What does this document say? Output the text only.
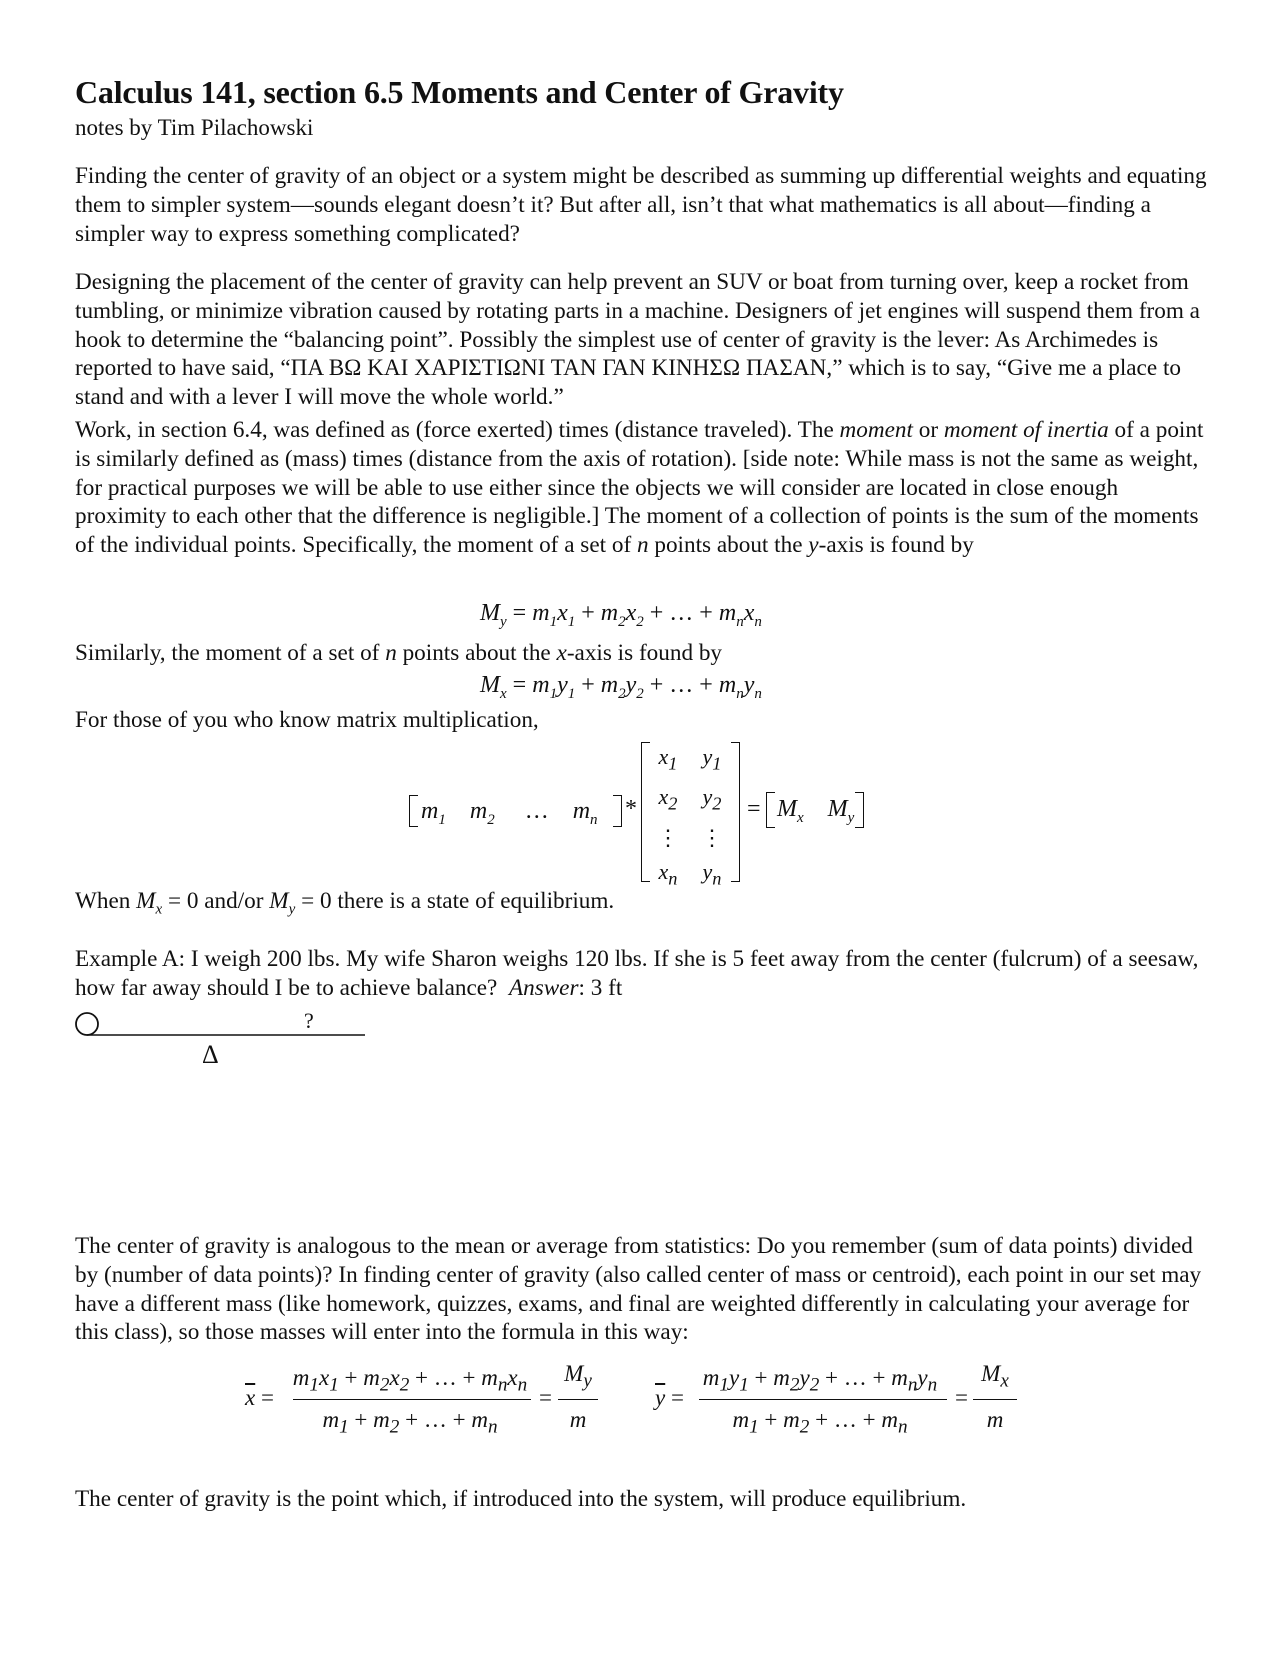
Calculus 141, section 6.5 Moments and Center of Gravity
notes by Tim Pilachowski

Finding the center of gravity of an object or a system might be described as summing up differential weights and equating them to simpler system—sounds elegant doesn’t it? But after all, isn’t that what mathematics is all about—finding a simpler way to express something complicated?

Designing the placement of the center of gravity can help prevent an SUV or boat from turning over, keep a rocket from tumbling, or minimize vibration caused by rotating parts in a machine. Designers of jet engines will suspend them from a hook to determine the “balancing point”. Possibly the simplest use of center of gravity is the lever: As Archimedes is reported to have said, “ΠΑ ΒΩ ΚΑΙ ΧΑΡΙΣΤΙΩΝΙ ΤΑΝ ΓΑΝ ΚΙΝΗΣΩ ΠΑΣΑΝ,” which is to say, “Give me a place to stand and with a lever I will move the whole world.”

Work, in section 6.4, was defined as (force exerted) times (distance traveled). The moment or moment of inertia of a point is similarly defined as (mass) times (distance from the axis of rotation). [side note: While mass is not the same as weight, for practical purposes we will be able to use either since the objects we will consider are located in close enough proximity to each other that the difference is negligible.] The moment of a collection of points is the sum of the moments of the individual points. Specifically, the moment of a set of n points about the y-axis is found by

$M_y = m_1x_1 + m_2x_2$ + … + $m_nx_n$
Similarly, the moment of a set of n points about the x-axis is found by
$M_x = m_1y_1 + m_2y_2$ + … + $m_ny_n$
For those of you who know matrix multiplication,
$m_1$    $m_2$ …    $m_n$ *
$x_1$
$x_2$
⋮
$x_n$
$y_1$
$y_2$
⋮
$y_n$
= $M_x$    $M_y$
When $M_x = 0$ and/or $M_y = 0$ there is a state of equilibrium.

Example A: I weigh 200 lbs. My wife Sharon weighs 120 lbs. If she is 5 feet away from the center (fulcrum) of a seesaw, how far away should I be to achieve balance? Answer: 3 ft

?
Δ

The center of gravity is analogous to the mean or average from statistics: Do you remember (sum of data points) divided by (number of data points)? In finding center of gravity (also called center of mass or centroid), each point in our set may have a different mass (like homework, quizzes, exams, and final are weighted differently in calculating your average for this class), so those masses will enter into the formula in this way:

$\overline{x}$ =
$m_1x_1 + m_2x_2$ + … + $m_nx_n$
$m_1 + m_2$ + … + $m_n$
=
$M_y$
m
$\overline{y}$ =
$m_1y_1 + m_2y_2$ + … + $m_ny_n$
$m_1 + m_2$ + … + $m_n$
=
$M_x$
m
The center of gravity is the point which, if introduced into the system, will produce equilibrium.
